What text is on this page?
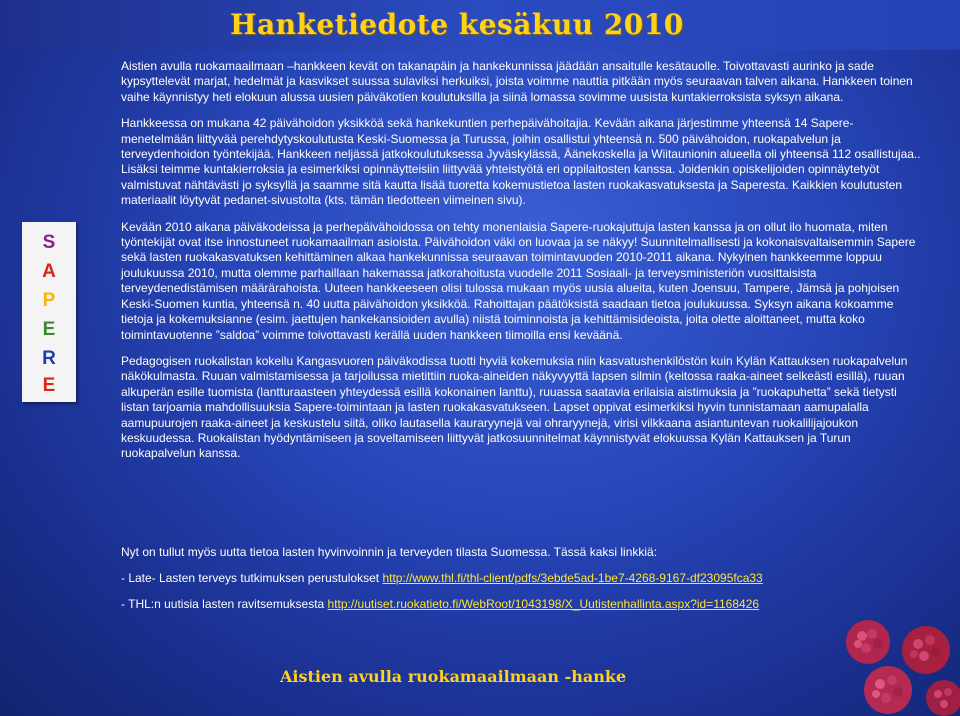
Hanketiedote kesäkuu 2010
S
A
P
E
R
E

Aistien avulla ruokamaailmaan –hankkeen kevät on takanapäin ja hankekunnissa jäädään ansaitulle kesätauolle. Toivottavasti aurinko ja sade kypsyttelevät marjat, hedelmät ja kasvikset suussa sulaviksi herkuiksi, joista voimme nauttia pitkään myös seuraavan talven aikana. Hankkeen toinen vaihe käynnistyy heti elokuun alussa uusien päiväkotien koulutuksilla ja siinä lomassa sovimme uusista kuntakierroksista syksyn aikana.

Hankkeessa on mukana 42 päivähoidon yksikköä sekä hankekuntien perhepäivähoitajia. Kevään aikana järjestimme yhteensä 14 Sapere-menetelmään liittyvää perehdytyskoulutusta Keski-Suomessa ja Turussa, joihin osallistui yhteensä n. 500 päivähoidon, ruokapalvelun ja terveydenhoidon työntekijää. Hankkeen neljässä jatkokoulutuksessa Jyväskylässä, Äänekoskella ja Wiitaunionin alueella oli yhteensä 112 osallistujaa.. Lisäksi teimme kuntakierroksia ja esimerkiksi opinnäytteisiin liittyvää yhteistyötä eri oppilaitosten kanssa. Joidenkin opiskelijoiden opinnäytetyöt valmistuvat nähtävästi jo syksyllä ja saamme sitä kautta lisää tuoretta kokemustietoa lasten ruokakasvatuksesta ja Saperesta. Kaikkien koulutusten materiaalit löytyvät pedanet-sivustolta (kts. tämän tiedotteen viimeinen sivu).

Kevään 2010 aikana päiväkodeissa ja perhepäivähoidossa on tehty monenlaisia Sapere-ruokajuttuja lasten kanssa ja on ollut ilo huomata, miten työntekijät ovat itse innostuneet ruokamaailman asioista. Päivähoidon väki on luovaa ja se näkyy! Suunnitelmallisesti ja kokonaisvaltaisemmin Sapere sekä lasten ruokakasvatuksen kehittäminen alkaa hankekunnissa seuraavan toimintavuoden 2010-2011 aikana. Nykyinen hankkeemme loppuu joulukuussa 2010, mutta olemme parhaillaan hakemassa jatkorahoitusta vuodelle 2011 Sosiaali- ja terveysministeriön vuosittaisista terveydenedistämisen määrärahoista. Uuteen hankkeeseen olisi tulossa mukaan myös uusia alueita, kuten Joensuu, Tampere, Jämsä ja pohjoisen Keski-Suomen kuntia, yhteensä n. 40 uutta päivähoidon yksikköä. Rahoittajan päätöksistä saadaan tietoa joulukuussa. Syksyn aikana kokoamme tietoja ja kokemuksianne (esim. jaettujen hankekansioiden avulla) niistä toiminnoista ja kehittämisideoista, joita olette aloittaneet, mutta koko toimintavuotenne ”saldoa” voimme toivottavasti kerällä uuden hankkeen tiimoilla ensi keväänä.

Pedagogisen ruokalistan kokeilu Kangasvuoren päiväkodissa tuotti hyviä kokemuksia niin kasvatushenkilöstön kuin Kylän Kattauksen ruokapalvelun näkökulmasta. Ruuan valmistamisessa ja tarjoilussa mietittiin ruoka-aineiden näkyvyyttä lapsen silmin (keitossa raaka-aineet selkeästi esillä), ruuan alkuperän esille tuomista (lantturaasteen yhteydessä esillä kokonainen lanttu), ruuassa saatavia erilaisia aistimuksia ja ”ruokapuhetta” sekä tietysti listan tarjoamia mahdollisuuksia Sapere-toimintaan ja lasten ruokakasvatukseen. Lapset oppivat esimerkiksi hyvin tunnistamaan aamupalalla aamupuurojen raaka-aineet ja keskustelu siitä, oliko lautasella kauraryynejä vai ohraryynejä, virisi vilkkaana asiantuntevan ruokalilijajoukon keskuudessa. Ruokalistan hyödyntämiseen ja soveltamiseen liittyvät jatkosuunnitelmat käynnistyvät elokuussa Kylän Kattauksen ja Turun ruokapalvelun kanssa.

Nyt on tullut myös uutta tietoa lasten hyvinvoinnin ja terveyden tilasta Suomessa. Tässä kaksi linkkiä:

- Late- Lasten terveys tutkimuksen perustulokset http://www.thl.fi/thl-client/pdfs/3ebde5ad-1be7-4268-9167-df23095fca33

- THL:n uutisia lasten ravitsemuksesta http://uutiset.ruokatieto.fi/WebRoot/1043198/X_Uutistenhallinta.aspx?id=1168426

Aistien avulla ruokamaailmaan -hanke
